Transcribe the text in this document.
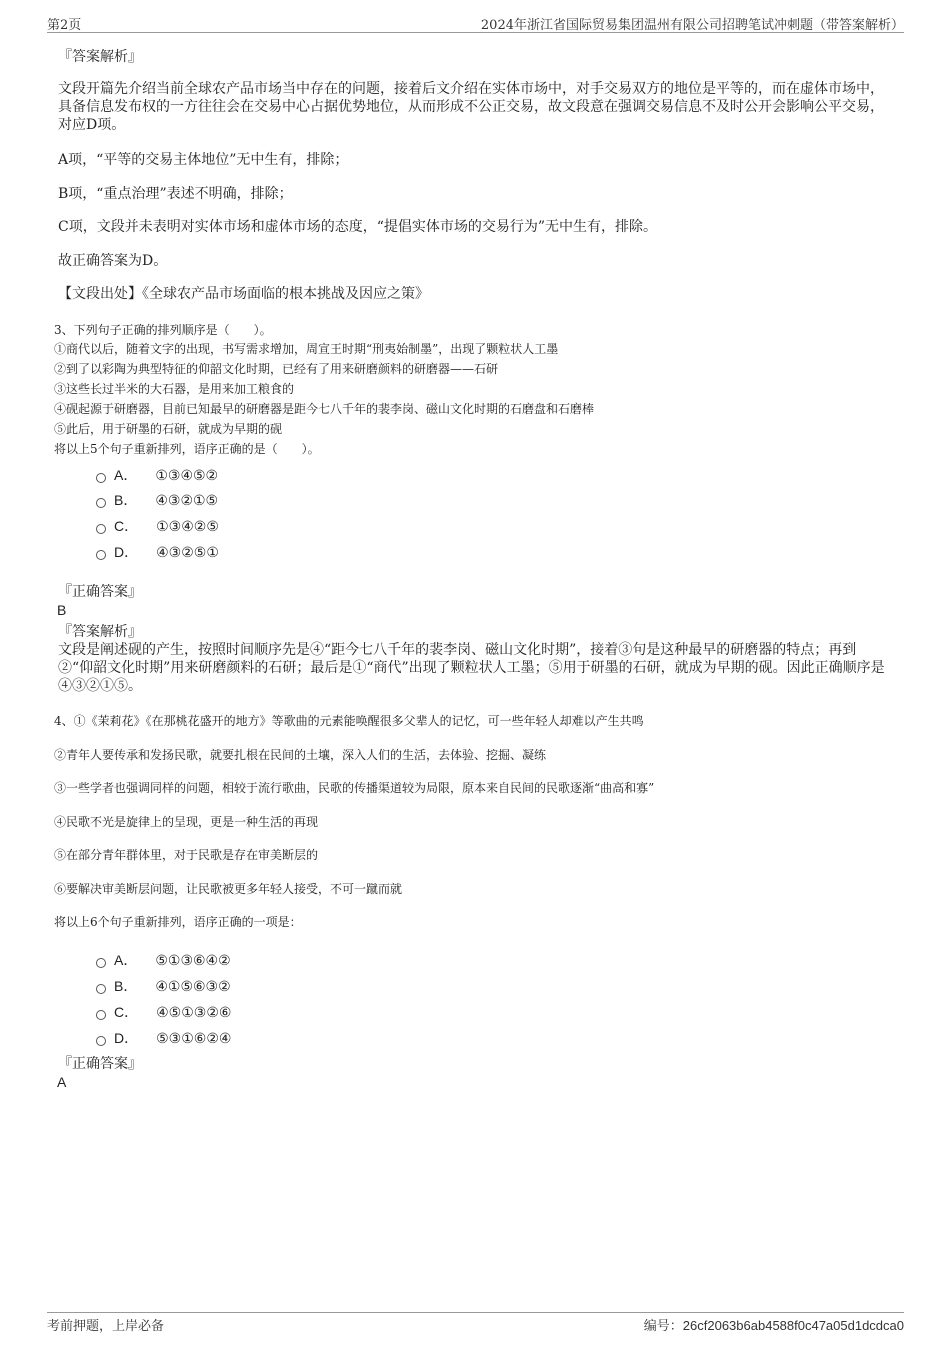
第2页	2024年浙江省国际贸易集团温州有限公司招聘笔试冲刺题（带答案解析）
『答案解析』
文段开篇先介绍当前全球农产品市场当中存在的问题，接着后文介绍在实体市场中，对手交易双方的地位是平等的，而在虚体市场中，具备信息发布权的一方往往会在交易中心占据优势地位，从而形成不公正交易，故文段意在强调交易信息不及时公开会影响公平交易，对应D项。
A项，“平等的交易主体地位”无中生有，排除；
B项，“重点治理”表述不明确，排除；
C项，文段并未表明对实体市场和虚体市场的态度，“提倡实体市场的交易行为”无中生有，排除。
故正确答案为D。
【文段出处】《全球农产品市场面临的根本挑战及因应之策》
3、下列句子正确的排列顺序是（　　）。
①商代以后，随着文字的出现，书写需求增加，周宣王时期“刑夷始制墨”，出现了颗粒状人工墨
②到了以彩陶为典型特征的仰韶文化时期，已经有了用来研磨颜料的研磨器——石研
③这些长过半米的大石器，是用来加工粮食的
④砚起源于研磨器，目前已知最早的研磨器是距今七八千年的裴李岗、磁山文化时期的石磨盘和石磨棒
⑤此后，用于研墨的石研，就成为早期的砚
将以上5个句子重新排列，语序正确的是（　　）。
A． ①③④⑤②
B． ④③②①⑤
C． ①③④②⑤
D． ④③②⑤①
『正确答案』
B
『答案解析』
文段是阐述砚的产生，按照时间顺序先是④“距今七八千年的裴李岗、磁山文化时期”，接着③句是这种最早的研磨器的特点；再到②“仰韶文化时期”用来研磨颜料的石研；最后是①“商代”出现了颗粒状人工墨；⑤用于研墨的石研，就成为早期的砚。因此正确顺序是④③②①⑤。
4、①《茉莉花》《在那桃花盛开的地方》等歌曲的元素能唤醒很多父辈人的记忆，可一些年轻人却难以产生共鸣
②青年人要传承和发扬民歌，就要扎根在民间的土壤，深入人们的生活，去体验、挖掘、凝练
③一些学者也强调同样的问题，相较于流行歌曲，民歌的传播渠道较为局限，原本来自民间的民歌逐渐“曲高和寡”
④民歌不光是旋律上的呈现，更是一种生活的再现
⑤在部分青年群体里，对于民歌是存在审美断层的
⑥要解决审美断层问题，让民歌被更多年轻人接受，不可一蹴而就
将以上6个句子重新排列，语序正确的一项是：
A． ⑤①③⑥④②
B． ④①⑤⑥③②
C． ④⑤①③②⑥
D． ⑤③①⑥②④
『正确答案』
A
考前押题，上岸必备	编号：26cf2063b6ab4588f0c47a05d1dcdca0
